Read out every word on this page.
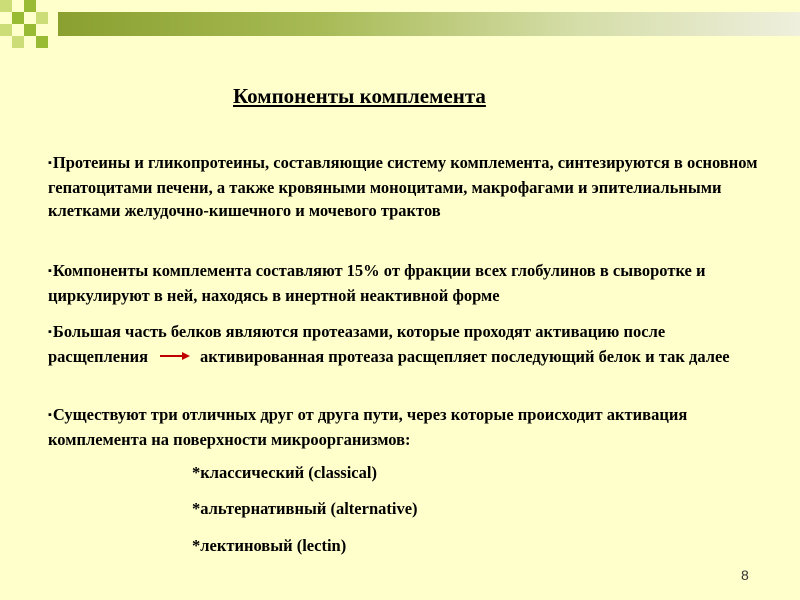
Компоненты комплемента
▪Протеины и гликопротеины, составляющие систему комплемента, синтезируются в основном гепатоцитами печени, а также кровяными моноцитами, макрофагами и эпителиальными клетками желудочно-кишечного и мочевого трактов
▪Компоненты комплемента составляют 15% от фракции всех глобулинов в сыворотке и циркулируют в ней, находясь в инертной неактивной форме
▪Большая часть белков являются протеазами, которые проходят активацию после расщепления	активированная протеаза расщепляет последующий белок и так далее
▪Существуют три отличных друг от друга пути, через которые происходит активация комплемента на поверхности микроорганизмов:
*классический (classical)
*альтернативный (alternative)
*лектиновый (lectin)
8
